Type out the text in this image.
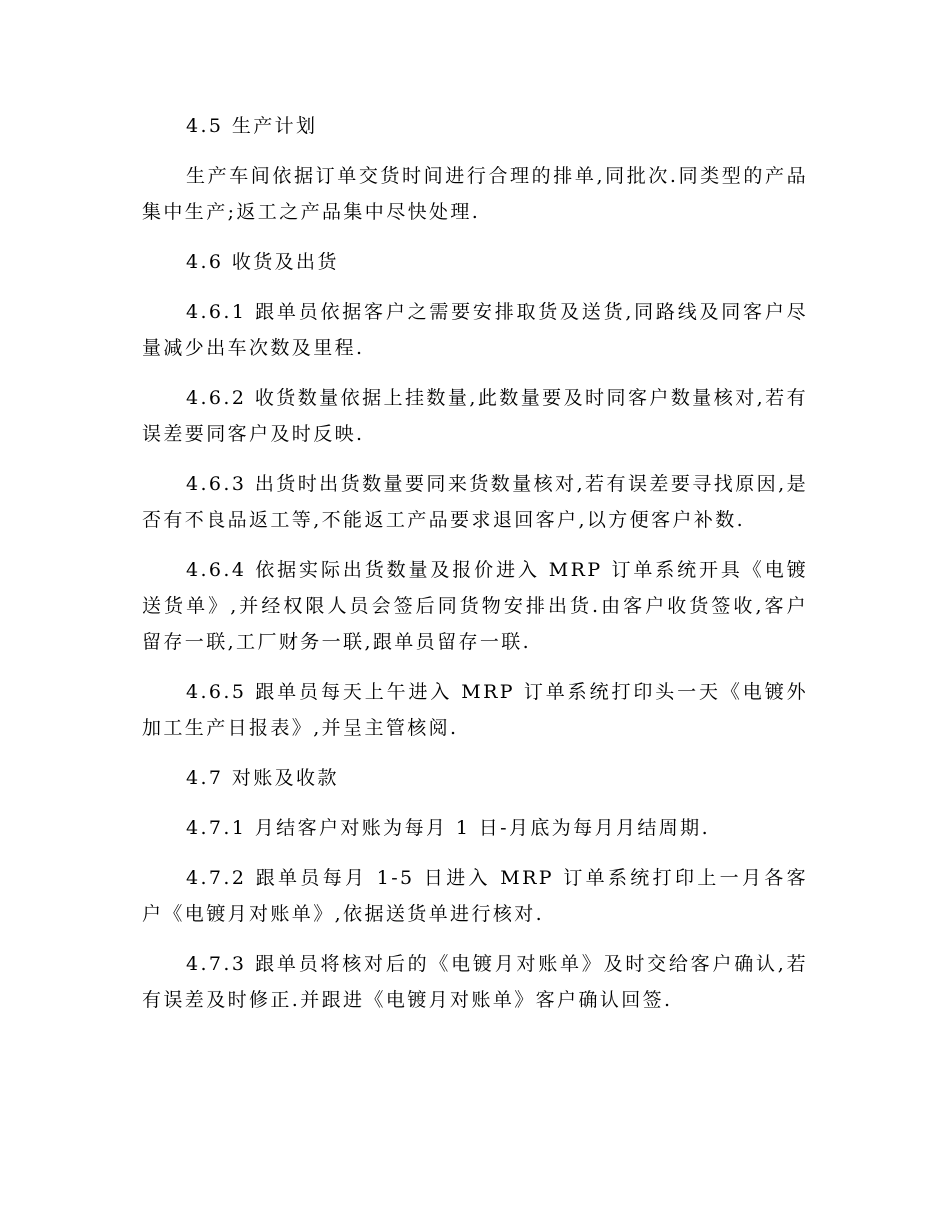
4.5 生产计划

生产车间依据订单交货时间进行合理的排单,同批次.同类型的产品集中生产;返工之产品集中尽快处理.

4.6 收货及出货

4.6.1 跟单员依据客户之需要安排取货及送货,同路线及同客户尽量减少出车次数及里程.

4.6.2 收货数量依据上挂数量,此数量要及时同客户数量核对,若有误差要同客户及时反映.

4.6.3 出货时出货数量要同来货数量核对,若有误差要寻找原因,是否有不良品返工等,不能返工产品要求退回客户,以方便客户补数.

4.6.4 依据实际出货数量及报价进入 MRP 订单系统开具《电镀送货单》,并经权限人员会签后同货物安排出货.由客户收货签收,客户留存一联,工厂财务一联,跟单员留存一联.

4.6.5 跟单员每天上午进入 MRP 订单系统打印头一天《电镀外加工生产日报表》,并呈主管核阅.

4.7 对账及收款

4.7.1 月结客户对账为每月 1 日-月底为每月月结周期.

4.7.2 跟单员每月 1-5 日进入 MRP 订单系统打印上一月各客户《电镀月对账单》,依据送货单进行核对.

4.7.3 跟单员将核对后的《电镀月对账单》及时交给客户确认,若有误差及时修正.并跟进《电镀月对账单》客户确认回签.
